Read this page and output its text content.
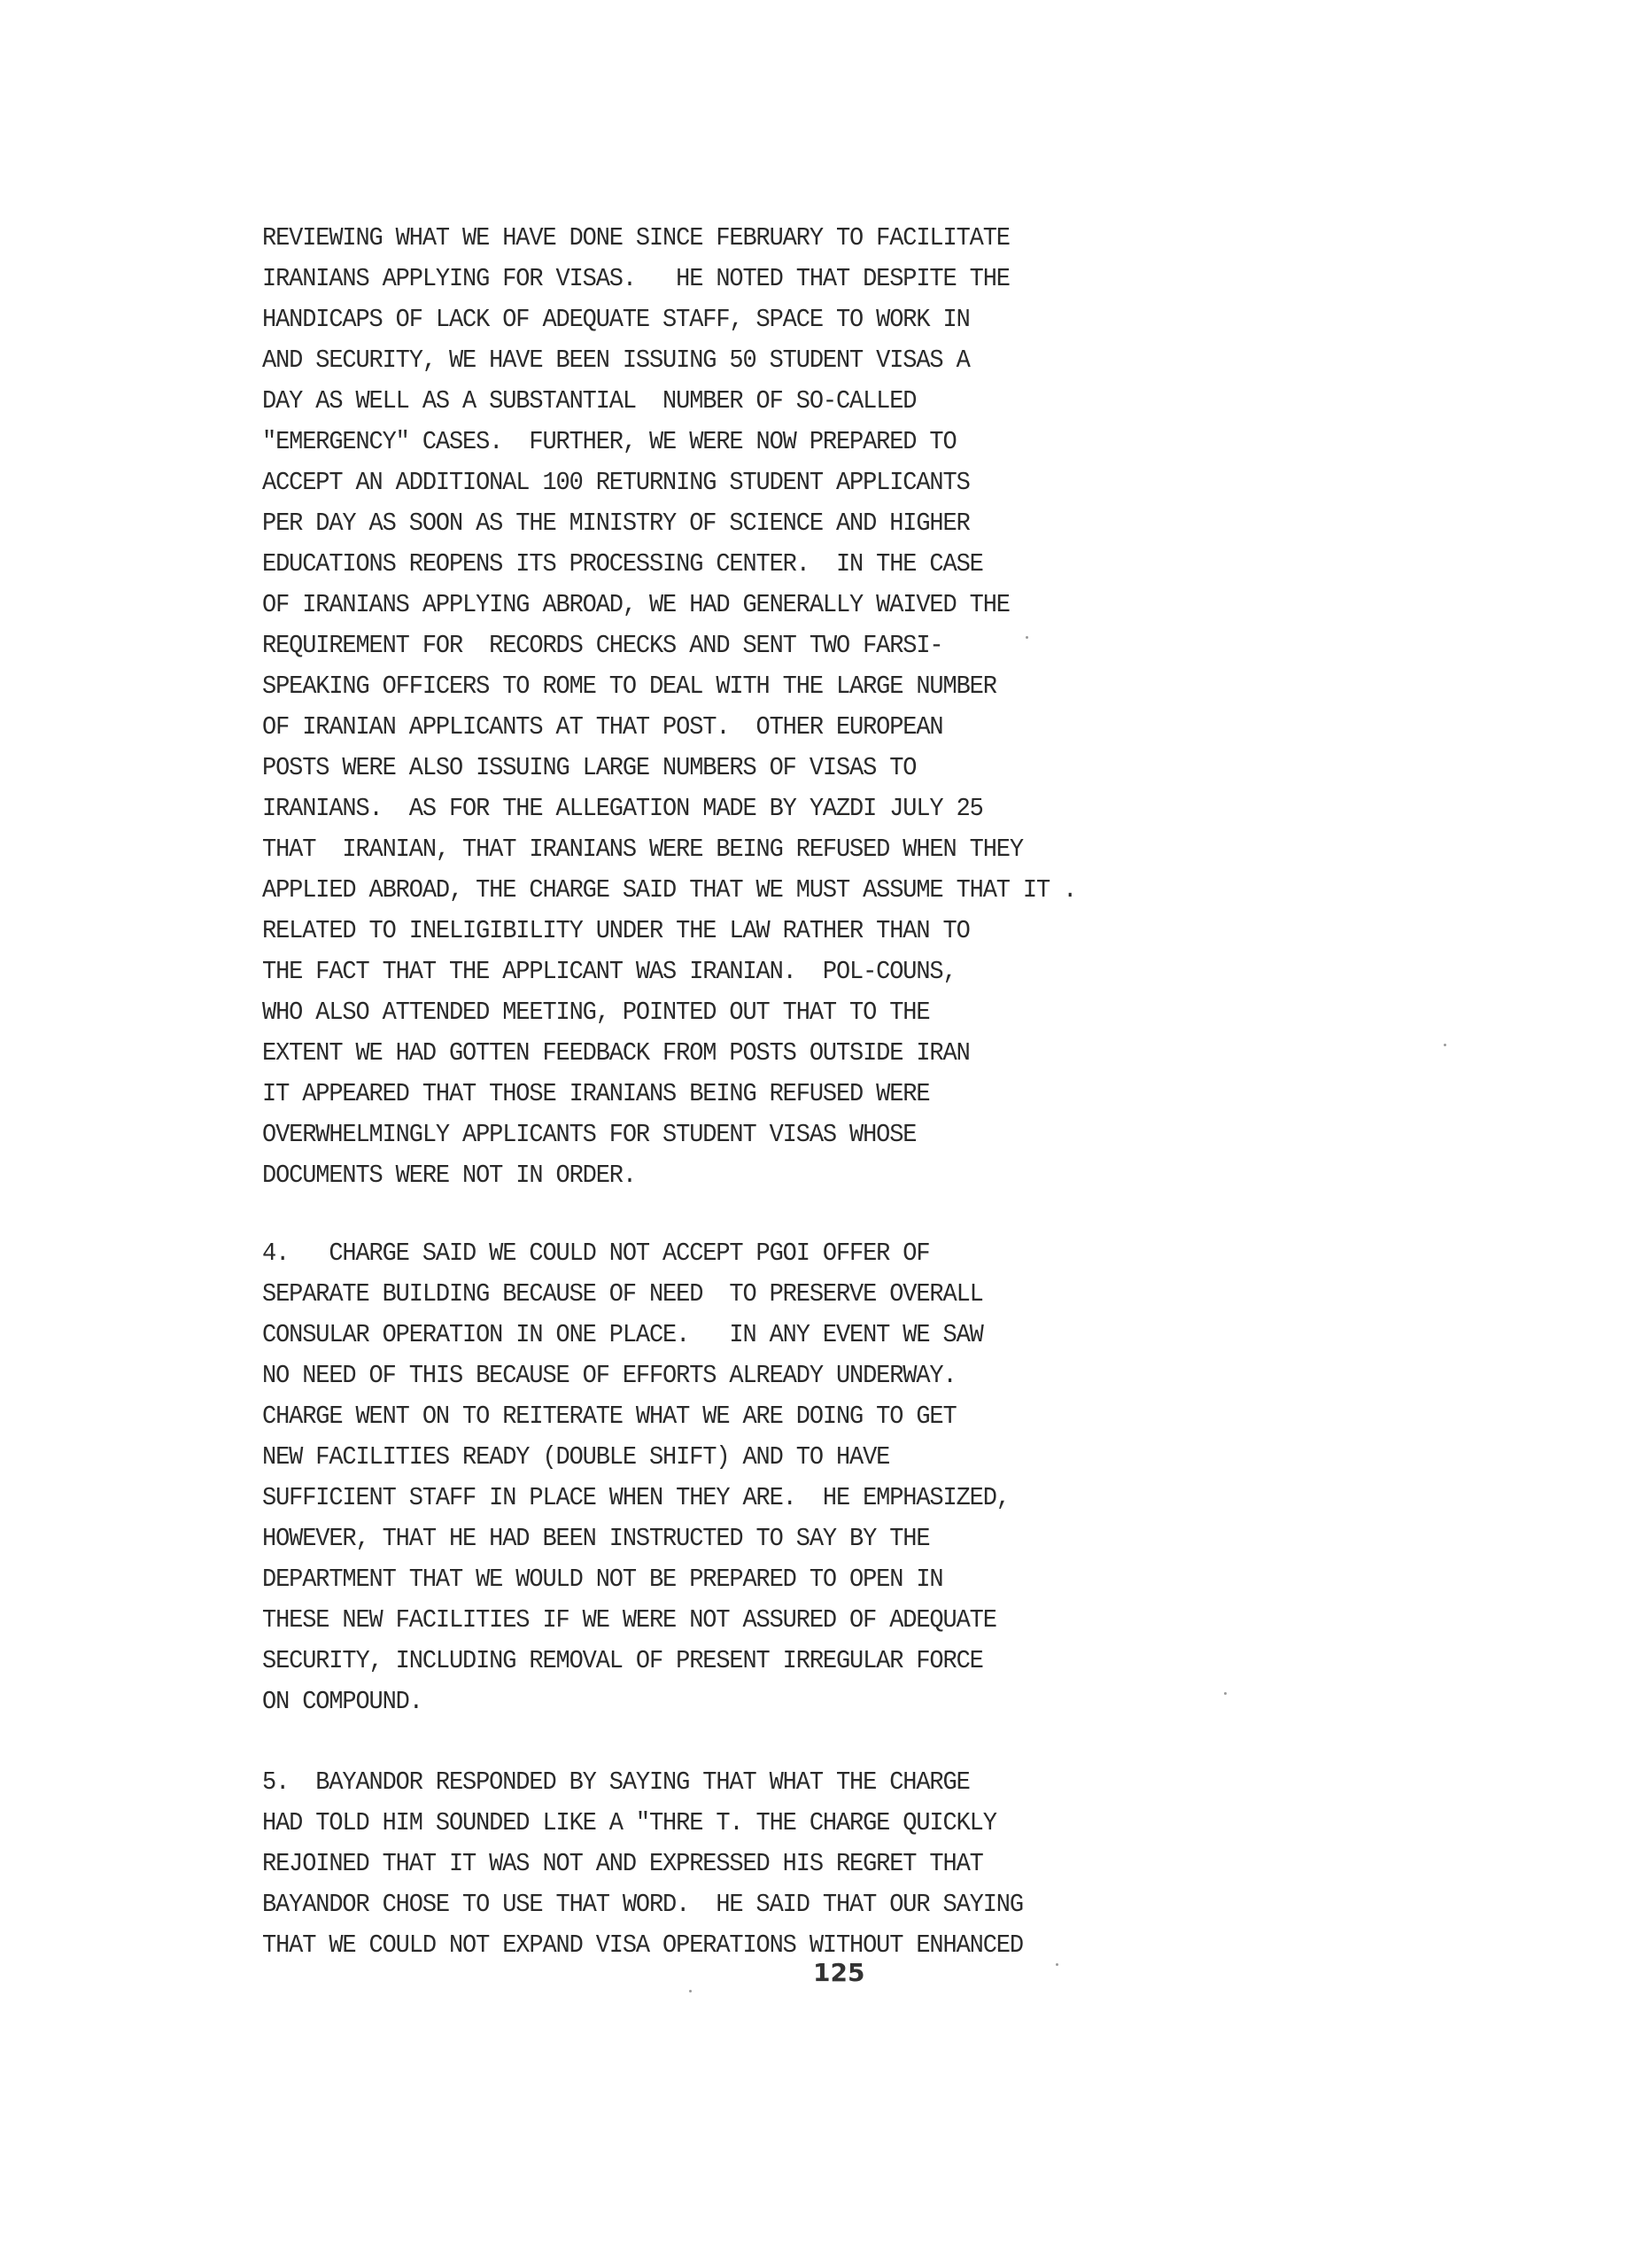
REVIEWING WHAT WE HAVE DONE SINCE FEBRUARY TO FACILITATE
IRANIANS APPLYING FOR VISAS.   HE NOTED THAT DESPITE THE
HANDICAPS OF LACK OF ADEQUATE STAFF, SPACE TO WORK IN
AND SECURITY, WE HAVE BEEN ISSUING 50 STUDENT VISAS A
DAY AS WELL AS A SUBSTANTIAL  NUMBER OF SO-CALLED
"EMERGENCY" CASES.  FURTHER, WE WERE NOW PREPARED TO
ACCEPT AN ADDITIONAL 100 RETURNING STUDENT APPLICANTS
PER DAY AS SOON AS THE MINISTRY OF SCIENCE AND HIGHER
EDUCATIONS REOPENS ITS PROCESSING CENTER.  IN THE CASE
OF IRANIANS APPLYING ABROAD, WE HAD GENERALLY WAIVED THE
REQUIREMENT FOR  RECORDS CHECKS AND SENT TWO FARSI-
SPEAKING OFFICERS TO ROME TO DEAL WITH THE LARGE NUMBER
OF IRANIAN APPLICANTS AT THAT POST.  OTHER EUROPEAN
POSTS WERE ALSO ISSUING LARGE NUMBERS OF VISAS TO
IRANIANS.  AS FOR THE ALLEGATION MADE BY YAZDI JULY 25
THAT  IRANIAN, THAT IRANIANS WERE BEING REFUSED WHEN THEY
APPLIED ABROAD, THE CHARGE SAID THAT WE MUST ASSUME THAT IT .
RELATED TO INELIGIBILITY UNDER THE LAW RATHER THAN TO
THE FACT THAT THE APPLICANT WAS IRANIAN.  POL-COUNS,
WHO ALSO ATTENDED MEETING, POINTED OUT THAT TO THE
EXTENT WE HAD GOTTEN FEEDBACK FROM POSTS OUTSIDE IRAN
IT APPEARED THAT THOSE IRANIANS BEING REFUSED WERE
OVERWHELMINGLY APPLICANTS FOR STUDENT VISAS WHOSE
DOCUMENTS WERE NOT IN ORDER.
4.   CHARGE SAID WE COULD NOT ACCEPT PGOI OFFER OF
SEPARATE BUILDING BECAUSE OF NEED  TO PRESERVE OVERALL
CONSULAR OPERATION IN ONE PLACE.   IN ANY EVENT WE SAW
NO NEED OF THIS BECAUSE OF EFFORTS ALREADY UNDERWAY.
CHARGE WENT ON TO REITERATE WHAT WE ARE DOING TO GET
NEW FACILITIES READY (DOUBLE SHIFT) AND TO HAVE
SUFFICIENT STAFF IN PLACE WHEN THEY ARE.  HE EMPHASIZED,
HOWEVER, THAT HE HAD BEEN INSTRUCTED TO SAY BY THE
DEPARTMENT THAT WE WOULD NOT BE PREPARED TO OPEN IN
THESE NEW FACILITIES IF WE WERE NOT ASSURED OF ADEQUATE
SECURITY, INCLUDING REMOVAL OF PRESENT IRREGULAR FORCE
ON COMPOUND.
5.  BAYANDOR RESPONDED BY SAYING THAT WHAT THE CHARGE
HAD TOLD HIM SOUNDED LIKE A "THRE T. THE CHARGE QUICKLY
REJOINED THAT IT WAS NOT AND EXPRESSED HIS REGRET THAT
BAYANDOR CHOSE TO USE THAT WORD.  HE SAID THAT OUR SAYING
THAT WE COULD NOT EXPAND VISA OPERATIONS WITHOUT ENHANCED
125
